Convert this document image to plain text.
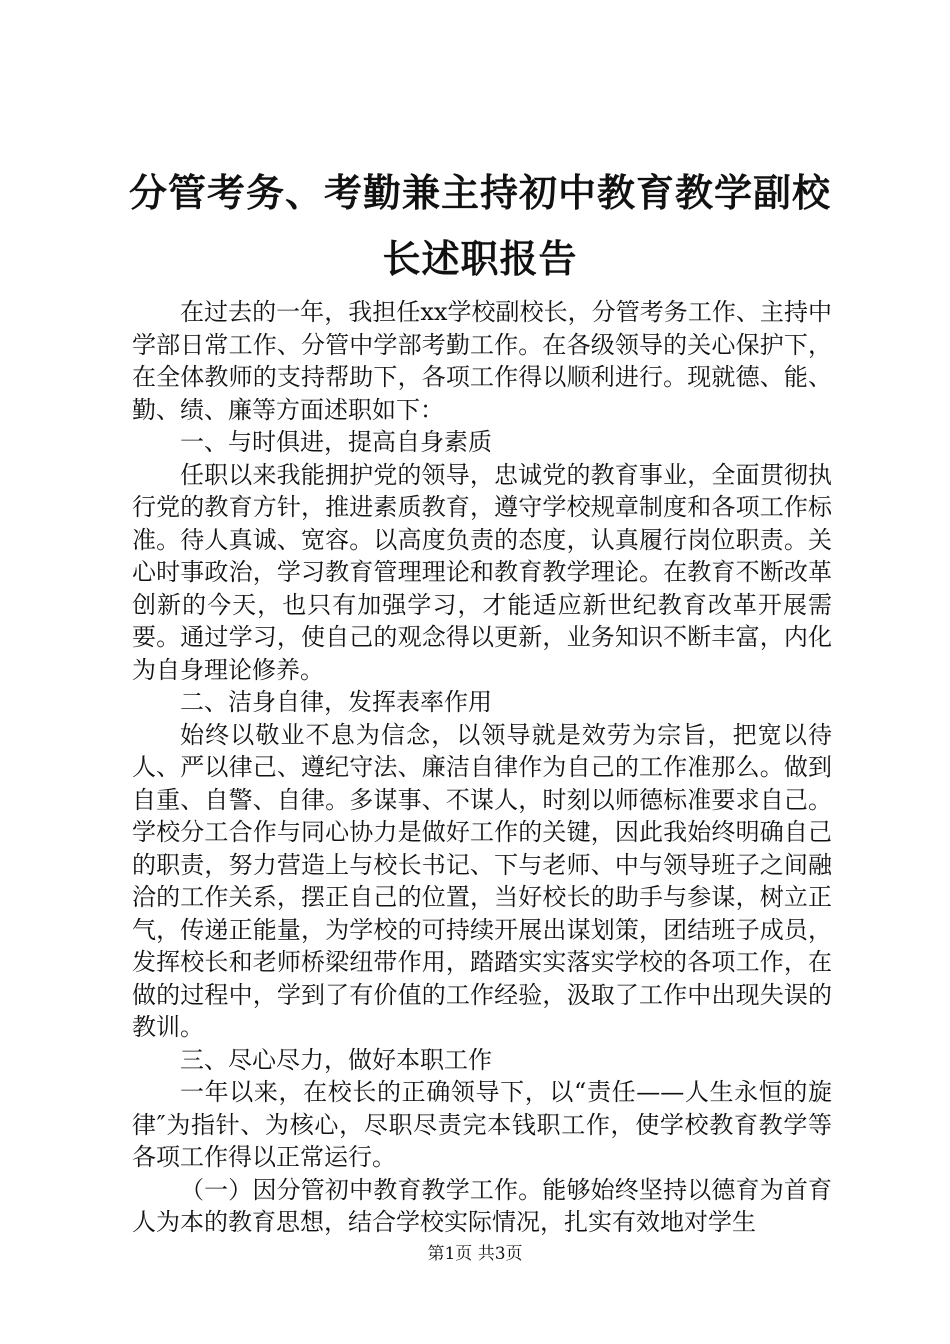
分管考务、考勤兼主持初中教育教学副校长述职报告

在过去的一年，我担任xx学校副校长，分管考务工作、主持中学部日常工作、分管中学部考勤工作。在各级领导的关心保护下，在全体教师的支持帮助下，各项工作得以顺利进行。现就德、能、勤、绩、廉等方面述职如下：

一、与时俱进，提高自身素质

任职以来我能拥护党的领导，忠诚党的教育事业，全面贯彻执行党的教育方针，推进素质教育，遵守学校规章制度和各项工作标准。待人真诚、宽容。以高度负责的态度，认真履行岗位职责。关心时事政治，学习教育管理理论和教育教学理论。在教育不断改革创新的今天，也只有加强学习，才能适应新世纪教育改革开展需要。通过学习，使自己的观念得以更新，业务知识不断丰富，内化为自身理论修养。

二、洁身自律，发挥表率作用

始终以敬业不息为信念，以领导就是效劳为宗旨，把宽以待人、严以律己、遵纪守法、廉洁自律作为自己的工作准那么。做到自重、自警、自律。多谋事、不谋人，时刻以师德标准要求自己。学校分工合作与同心协力是做好工作的关键，因此我始终明确自己的职责，努力营造上与校长书记、下与老师、中与领导班子之间融洽的工作关系，摆正自己的位置，当好校长的助手与参谋，树立正气，传递正能量，为学校的可持续开展出谋划策，团结班子成员，发挥校长和老师桥梁纽带作用，踏踏实实落实学校的各项工作，在做的过程中，学到了有价值的工作经验，汲取了工作中出现失误的教训。

三、尽心尽力，做好本职工作

一年以来，在校长的正确领导下，以“责任——人生永恒的旋律″为指针、为核心，尽职尽责完本钱职工作，使学校教育教学等各项工作得以正常运行。

（一）因分管初中教育教学工作。能够始终坚持以德育为首育人为本的教育思想，结合学校实际情况，扎实有效地对学生

第1页 共3页
